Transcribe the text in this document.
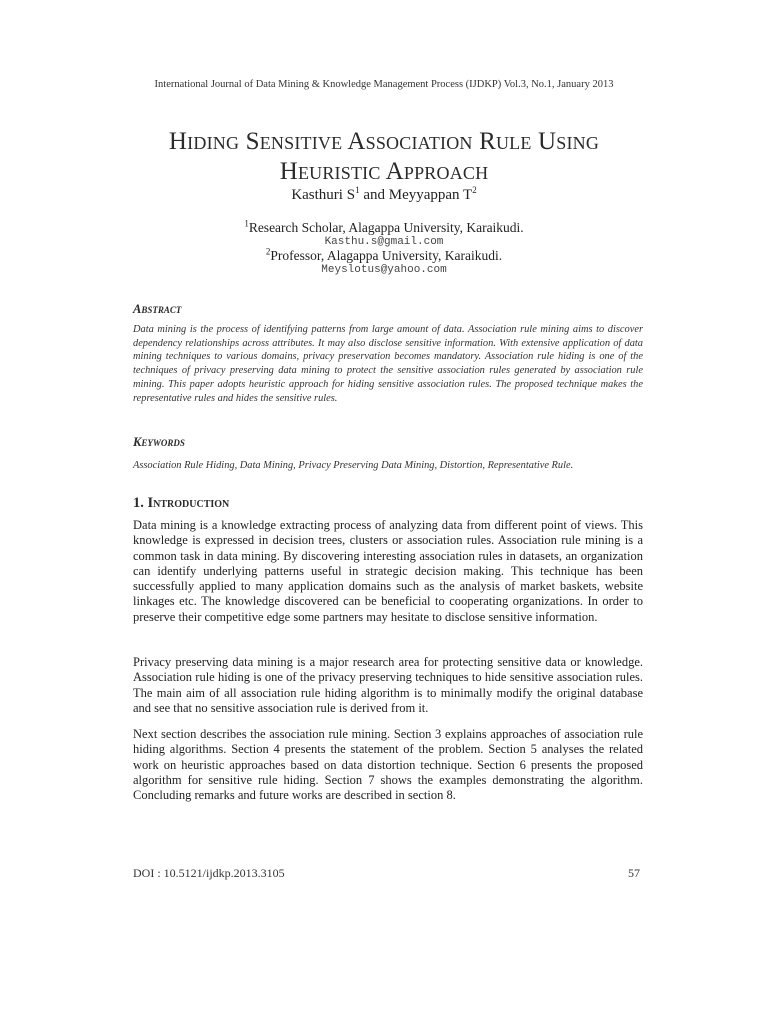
International Journal of Data Mining & Knowledge Management Process (IJDKP) Vol.3, No.1, January 2013
Hiding Sensitive Association Rule Using
Heuristic Approach
Kasthuri $S^1$ and Meyyappan $T^2$
$^1$Research Scholar, Alagappa University, Karaikudi.
Kasthu.s@gmail.com
$^2$Professor, Alagappa University, Karaikudi.
Meyslotus@yahoo.com
Abstract
Data mining is the process of identifying patterns from large amount of data. Association rule mining aims to discover dependency relationships across attributes. It may also disclose sensitive information. With extensive application of data mining techniques to various domains, privacy preservation becomes mandatory. Association rule hiding is one of the techniques of privacy preserving data mining to protect the sensitive association rules generated by association rule mining. This paper adopts heuristic approach for hiding sensitive association rules. The proposed technique makes the representative rules and hides the sensitive rules.
Keywords
Association Rule Hiding, Data Mining, Privacy Preserving Data Mining, Distortion, Representative Rule.
1. Introduction
Data mining is a knowledge extracting process of analyzing data from different point of views. This knowledge is expressed in decision trees, clusters or association rules. Association rule mining is a common task in data mining. By discovering interesting association rules in datasets, an organization can identify underlying patterns useful in strategic decision making. This technique has been successfully applied to many application domains such as the analysis of market baskets, website linkages etc. The knowledge discovered can be beneficial to cooperating organizations. In order to preserve their competitive edge some partners may hesitate to disclose sensitive information.
Privacy preserving data mining is a major research area for protecting sensitive data or knowledge. Association rule hiding is one of the privacy preserving techniques to hide sensitive association rules. The main aim of all association rule hiding algorithm is to minimally modify the original database and see that no sensitive association rule is derived from it.
Next section describes the association rule mining. Section 3 explains approaches of association rule hiding algorithms. Section 4 presents the statement of the problem. Section 5 analyses the related work on heuristic approaches based on data distortion technique. Section 6 presents the proposed algorithm for sensitive rule hiding. Section 7 shows the examples demonstrating the algorithm. Concluding remarks and future works are described in section 8.
DOI : 10.5121/ijdkp.2013.3105	57
